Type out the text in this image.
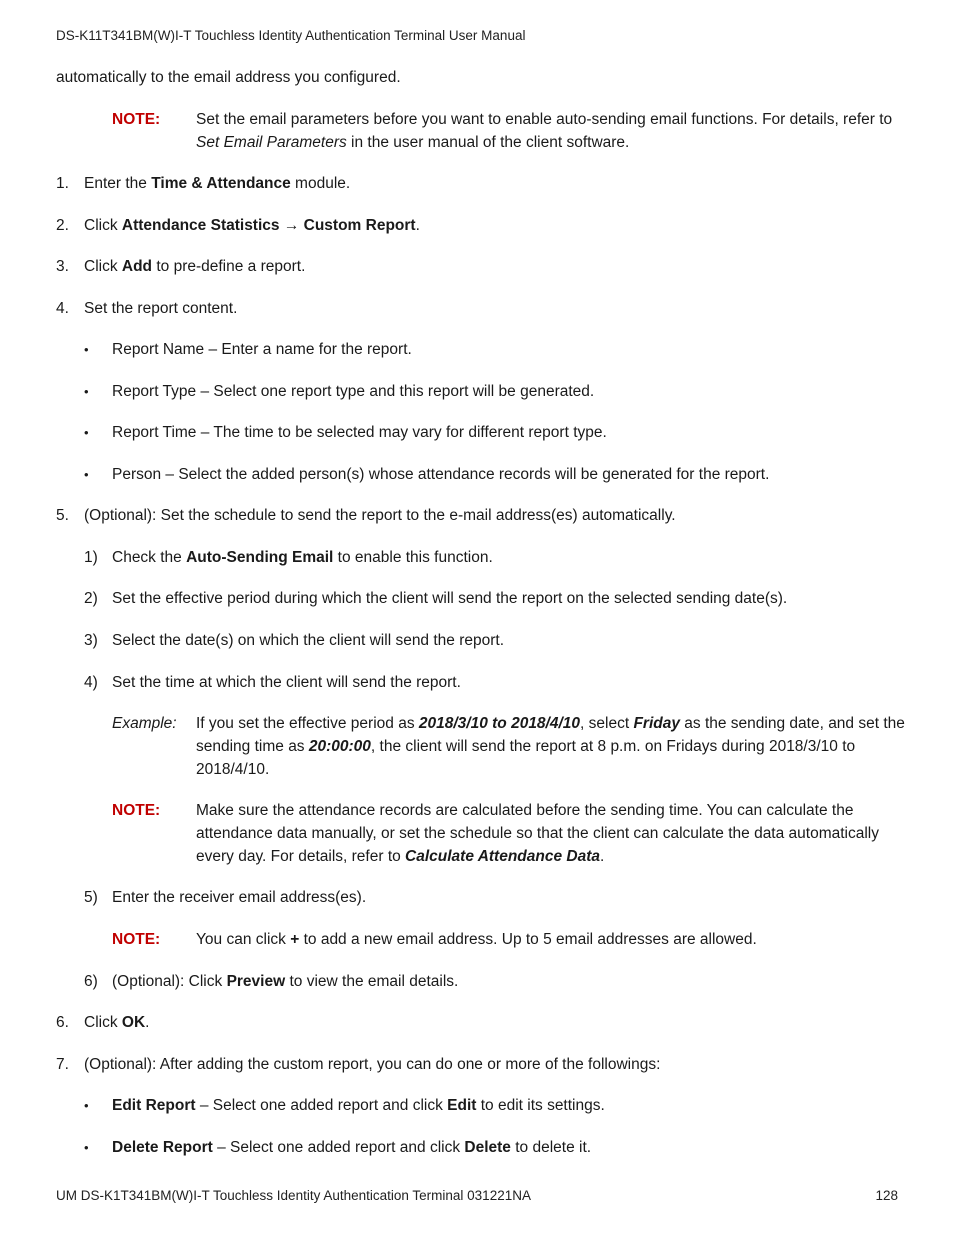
DS-K11T341BM(W)I-T Touchless Identity Authentication Terminal User Manual
automatically to the email address you configured.
NOTE: Set the email parameters before you want to enable auto-sending email functions. For details, refer to Set Email Parameters in the user manual of the client software.
1. Enter the Time & Attendance module.
2. Click Attendance Statistics → Custom Report.
3. Click Add to pre-define a report.
4. Set the report content.
• Report Name – Enter a name for the report.
• Report Type – Select one report type and this report will be generated.
• Report Time – The time to be selected may vary for different report type.
• Person – Select the added person(s) whose attendance records will be generated for the report.
5. (Optional): Set the schedule to send the report to the e-mail address(es) automatically.
1) Check the Auto-Sending Email to enable this function.
2) Set the effective period during which the client will send the report on the selected sending date(s).
3) Select the date(s) on which the client will send the report.
4) Set the time at which the client will send the report.
Example: If you set the effective period as 2018/3/10 to 2018/4/10, select Friday as the sending date, and set the sending time as 20:00:00, the client will send the report at 8 p.m. on Fridays during 2018/3/10 to 2018/4/10.
NOTE: Make sure the attendance records are calculated before the sending time. You can calculate the attendance data manually, or set the schedule so that the client can calculate the data automatically every day. For details, refer to Calculate Attendance Data.
5) Enter the receiver email address(es).
NOTE: You can click + to add a new email address. Up to 5 email addresses are allowed.
6) (Optional): Click Preview to view the email details.
6. Click OK.
7. (Optional): After adding the custom report, you can do one or more of the followings:
• Edit Report – Select one added report and click Edit to edit its settings.
• Delete Report – Select one added report and click Delete to delete it.
UM DS-K1T341BM(W)I-T Touchless Identity Authentication Terminal 031221NA	128
